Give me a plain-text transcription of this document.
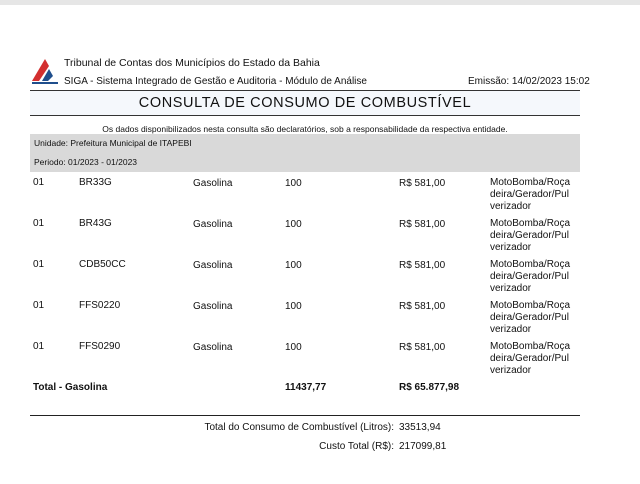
Tribunal de Contas dos Municípios do Estado da Bahia
SIGA - Sistema Integrado de Gestão e Auditoria - Módulo de Análise	Emissão: 14/02/2023 15:02
CONSULTA DE CONSUMO DE COMBUSTÍVEL
Os dados disponibilizados nesta consulta são declaratórios, sob a responsabilidade da respectiva entidade.
Unidade: Prefeitura Municipal de ITAPEBI
Periodo: 01/2023 - 01/2023
01	BR33G	Gasolina	100	R$ 581,00	MotoBomba/Roça deira/Gerador/Pul verizador
01	BR43G	Gasolina	100	R$ 581,00	MotoBomba/Roça deira/Gerador/Pul verizador
01	CDB50CC	Gasolina	100	R$ 581,00	MotoBomba/Roça deira/Gerador/Pul verizador
01	FFS0220	Gasolina	100	R$ 581,00	MotoBomba/Roça deira/Gerador/Pul verizador
01	FFS0290	Gasolina	100	R$ 581,00	MotoBomba/Roça deira/Gerador/Pul verizador
Total - Gasolina	11437,77	R$ 65.877,98
Total do Consumo de Combustível (Litros): 33513,94
Custo Total (R$): 217099,81
